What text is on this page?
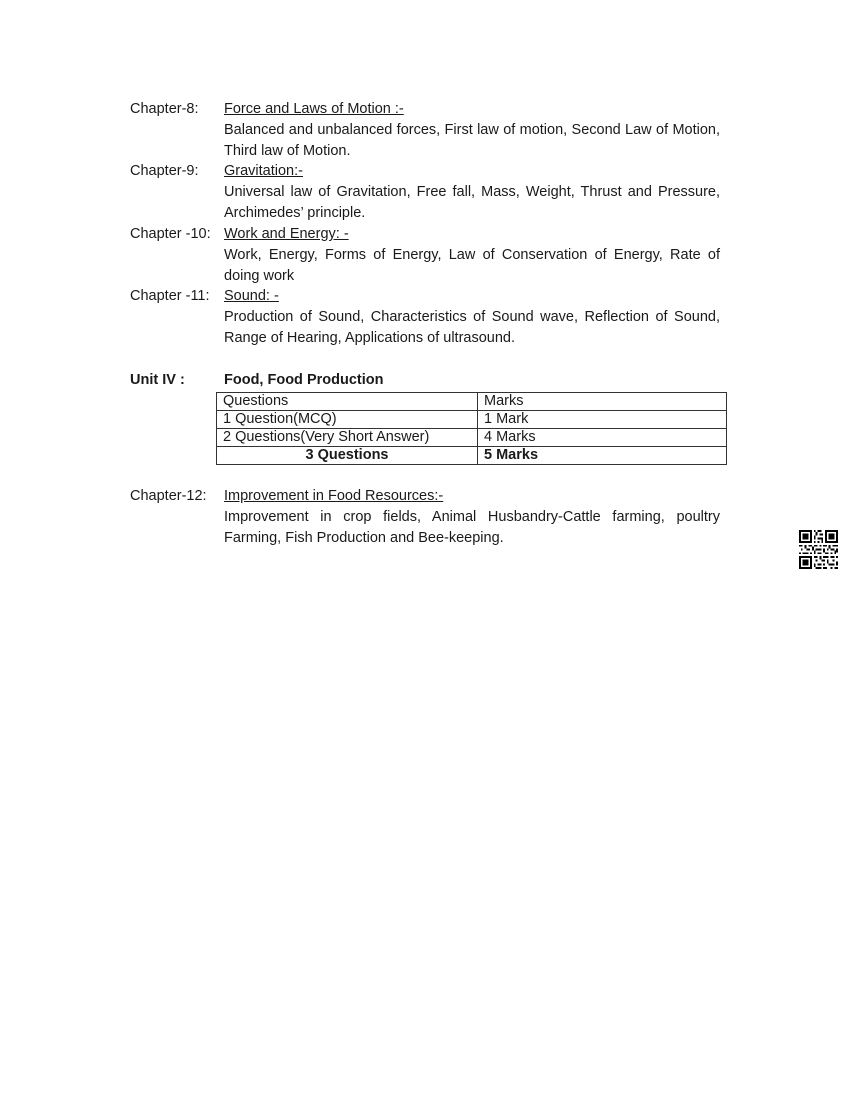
Chapter-8: Force and Laws of Motion :-
Balanced and unbalanced forces, First law of motion, Second Law of Motion, Third law of Motion.
Chapter-9: Gravitation:-
Universal law of Gravitation, Free fall, Mass, Weight, Thrust and Pressure, Archimedes’ principle.
Chapter -10: Work and Energy: -
Work, Energy, Forms of Energy, Law of Conservation of Energy, Rate of doing work
Chapter -11: Sound: -
Production of Sound, Characteristics of Sound wave, Reflection of Sound, Range of Hearing, Applications of ultrasound.
Unit IV :	Food, Food Production
Questions	Marks
1 Question(MCQ)	1 Mark
2 Questions(Very Short Answer)	4 Marks
3 Questions	5 Marks
Chapter-12: Improvement in Food Resources:-
Improvement in crop fields, Animal Husbandry-Cattle farming, poultry Farming, Fish Production and Bee-keeping.
